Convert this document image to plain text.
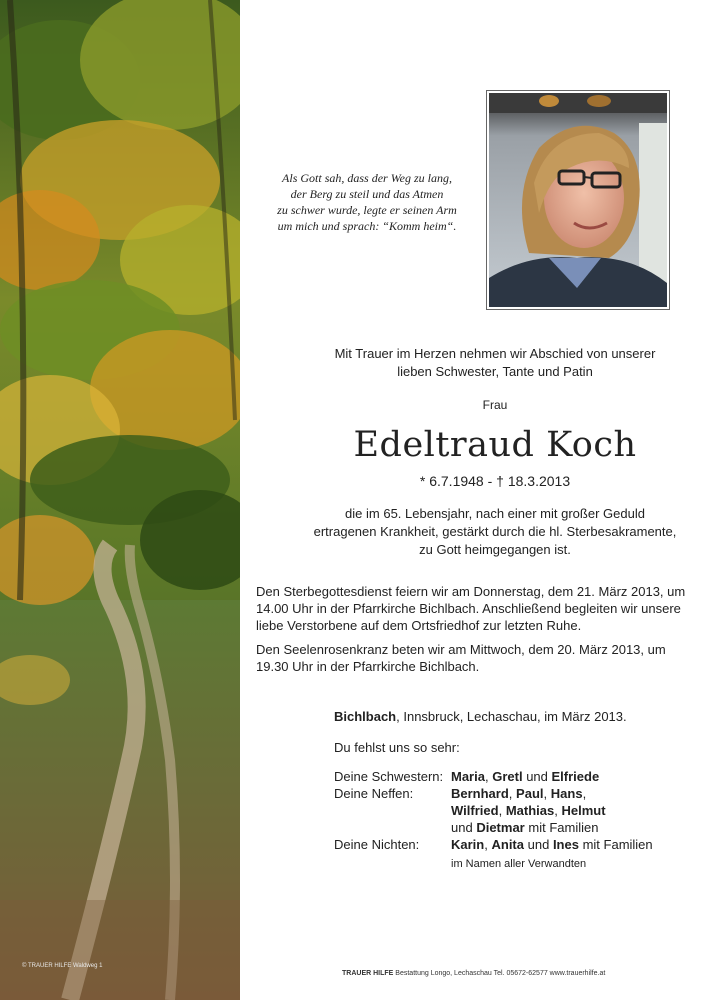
© TRAUER HILFE Waldweg 1
Als Gott sah, dass der Weg zu lang,
der Berg zu steil und das Atmen
zu schwer wurde, legte er seinen Arm
um mich und sprach: “Komm heim“.
Mit Trauer im Herzen nehmen wir Abschied von unserer
lieben Schwester, Tante und Patin
Frau
Edeltraud Koch
* 6.7.1948 - † 18.3.2013
die im 65. Lebensjahr, nach einer mit großer Geduld
ertragenen Krankheit, gestärkt durch die hl. Sterbesakramente,
zu Gott heimgegangen ist.
Den Sterbegottesdienst feiern wir am Donnerstag, dem 21. März 2013, um
14.00 Uhr in der Pfarrkirche Bichlbach. Anschließend begleiten wir unsere
liebe Verstorbene auf dem Ortsfriedhof zur letzten Ruhe.
Den Seelenrosenkranz beten wir am Mittwoch, dem 20. März 2013, um
19.30 Uhr in der Pfarrkirche Bichlbach.
Bichlbach, Innsbruck, Lechaschau, im März 2013.
Du fehlst uns so sehr:
Deine Schwestern: Maria, Gretl und Elfriede
Deine Neffen:	Bernhard, Paul, Hans,
Wilfried, Mathias, Helmut
und Dietmar mit Familien
Deine Nichten: Karin, Anita und Ines mit Familien
im Namen aller Verwandten
TRAUER HILFE Bestattung Longo, Lechaschau Tel. 05672-62577 www.trauerhilfe.at
